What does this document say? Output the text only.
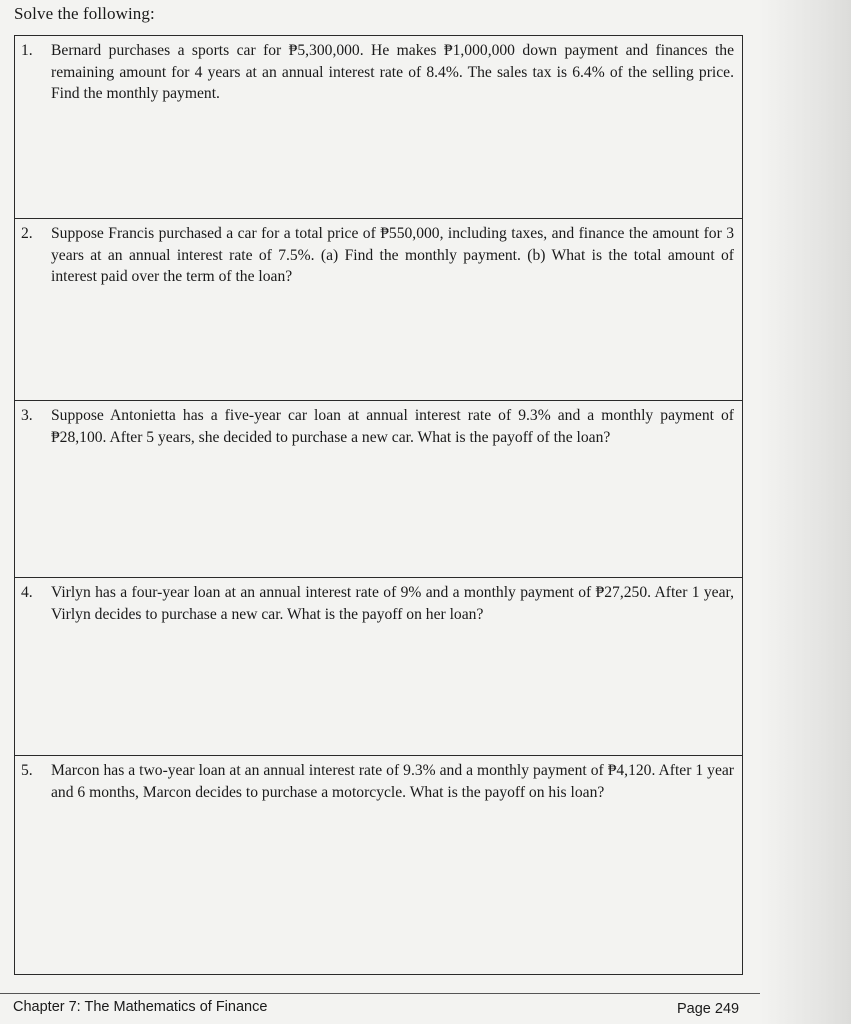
Solve the following:
1. Bernard purchases a sports car for ₱5,300,000. He makes ₱1,000,000 down payment and finances the remaining amount for 4 years at an annual interest rate of 8.4%. The sales tax is 6.4% of the selling price. Find the monthly payment.
2. Suppose Francis purchased a car for a total price of ₱550,000, including taxes, and finance the amount for 3 years at an annual interest rate of 7.5%. (a) Find the monthly payment. (b) What is the total amount of interest paid over the term of the loan?
3. Suppose Antonietta has a five-year car loan at annual interest rate of 9.3% and a monthly payment of ₱28,100. After 5 years, she decided to purchase a new car. What is the payoff of the loan?
4. Virlyn has a four-year loan at an annual interest rate of 9% and a monthly payment of ₱27,250. After 1 year, Virlyn decides to purchase a new car. What is the payoff on her loan?
5. Marcon has a two-year loan at an annual interest rate of 9.3% and a monthly payment of ₱4,120. After 1 year and 6 months, Marcon decides to purchase a motorcycle. What is the payoff on his loan?
Chapter 7: The Mathematics of Finance	Page 249
